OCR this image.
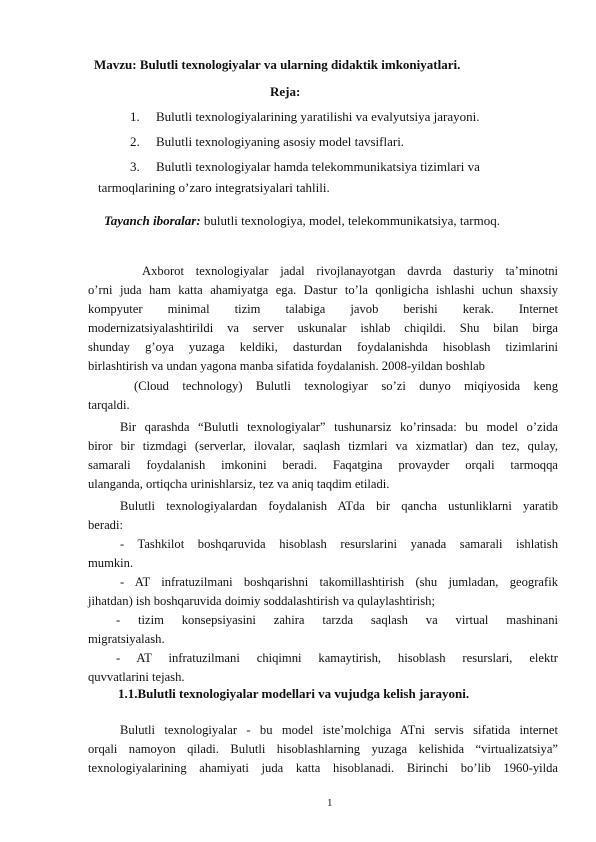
Mavzu: Bulutli texnologiyalar va ularning didaktik imkoniyatlari.
Reja:
1. Bulutli texnologiyalarining yaratilishi va evalyutsiya jarayoni.
2. Bulutli texnologiyaning asosiy model tavsiflari.
3. Bulutli texnologiyalar hamda telekommunikatsiya tizimlari va
tarmoqlarining o’zaro integratsiyalari tahlili.
Tayanch iboralar: bulutli texnologiya, model, telekommunikatsiya, tarmoq.
Axborot texnologiyalar jadal rivojlanayotgan davrda dasturiy ta’minotni
o’rni juda ham katta ahamiyatga ega. Dastur to’la qonligicha ishlashi uchun shaxsiy
kompyuter minimal tizim talabiga javob berishi kerak. Internet
modernizatsiyalashtirildi va server uskunalar ishlab chiqildi. Shu bilan birga
shunday g’oya yuzaga keldiki, dasturdan foydalanishda hisoblash tizimlarini
birlashtirish va undan yagona manba sifatida foydalanish. 2008-yildan boshlab
(Cloud technology) Bulutli texnologiyar so’zi dunyo miqiyosida keng
tarqaldi.
Bir qarashda “Bulutli texnologiyalar” tushunarsiz ko’rinsada: bu model o’zida
biror bir tizmdagi (serverlar, ilovalar, saqlash tizmlari va xizmatlar) dan tez, qulay,
samarali foydalanish imkonini beradi. Faqatgina provayder orqali tarmoqqa
ulanganda, ortiqcha urinishlarsiz, tez va aniq taqdim etiladi.
Bulutli texnologiyalardan foydalanish ATda bir qancha ustunliklarni yaratib
beradi:
- Tashkilot boshqaruvida hisoblash resurslarini yanada samarali ishlatish
mumkin.
- AT infratuzilmani boshqarishni takomillashtirish (shu jumladan, geografik
jihatdan) ish boshqaruvida doimiy soddalashtirish va qulaylashtirish;
- tizim konsepsiyasini zahira tarzda saqlash va virtual mashinani
migratsiyalash.
- AT infratuzilmani chiqimni kamaytirish, hisoblash resurslari, elektr
quvvatlarini tejash.
1.1.Bulutli texnologiyalar modellari va vujudga kelish jarayoni.
Bulutli texnologiyalar - bu model iste’molchiga ATni servis sifatida internet
orqali namoyon qiladi. Bulutli hisoblashlarning yuzaga kelishida “virtualizatsiya”
texnologiyalarining ahamiyati juda katta hisoblanadi. Birinchi bo’lib 1960-yilda
1
